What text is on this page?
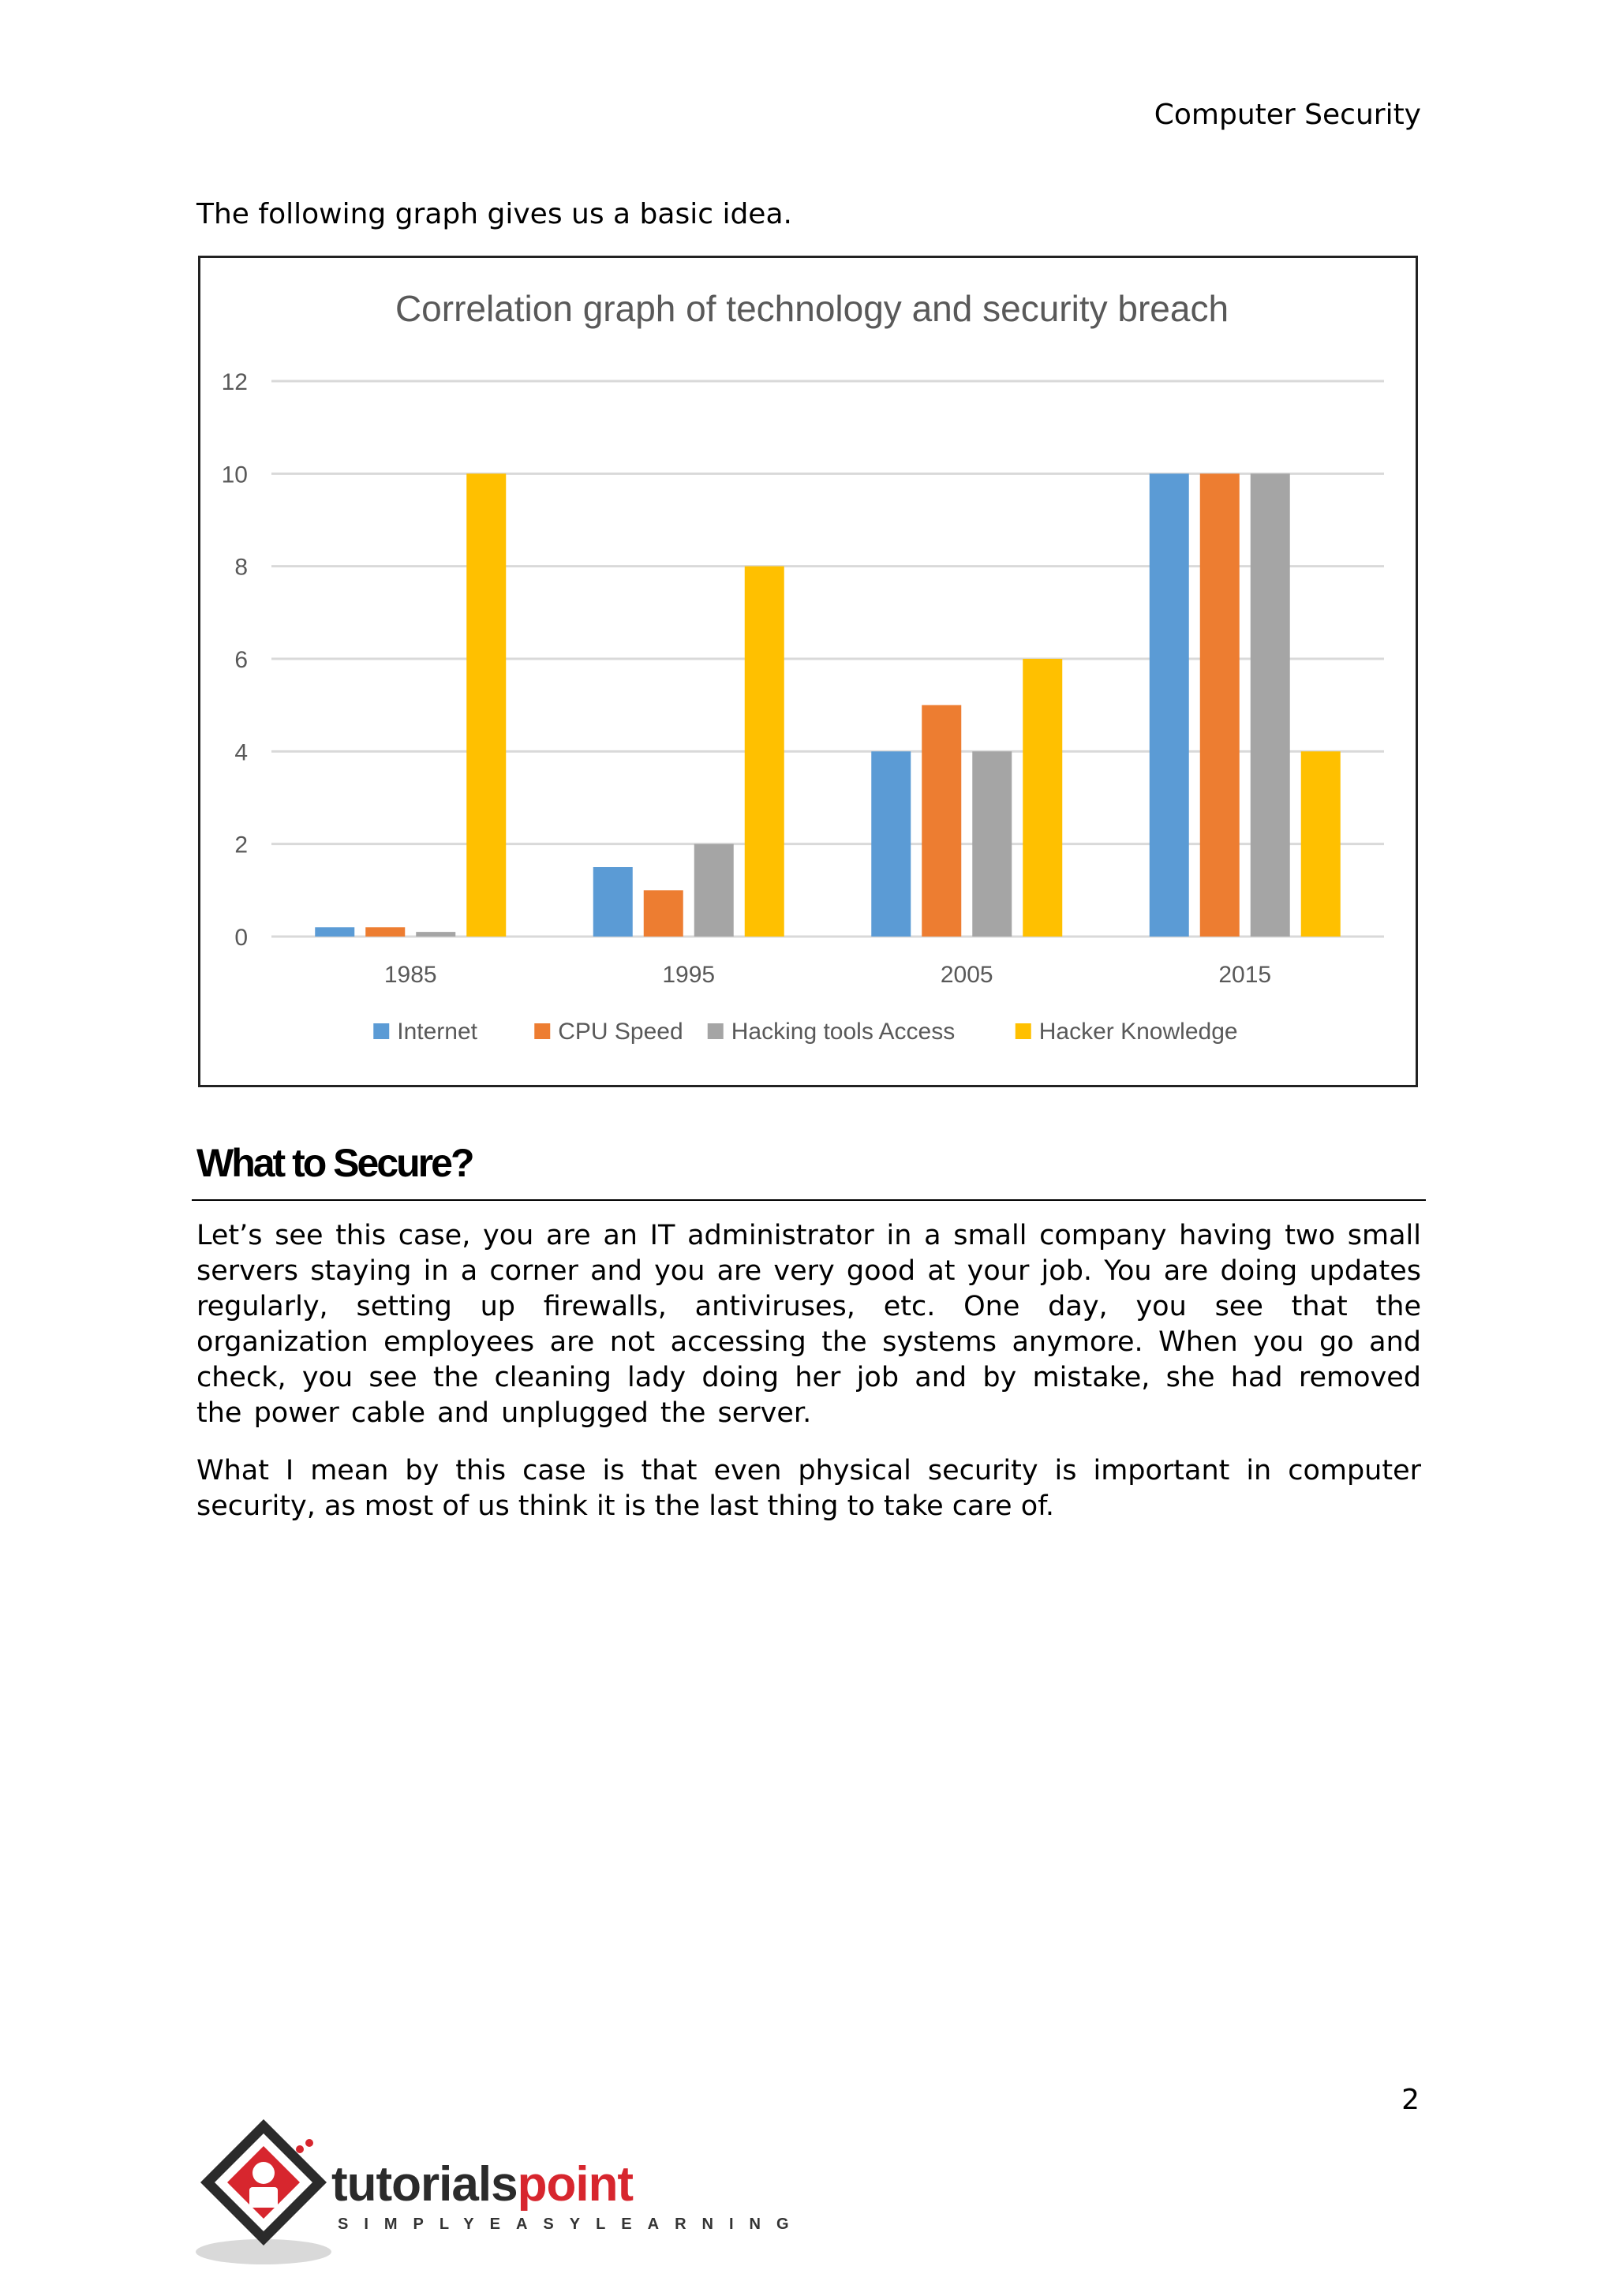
Computer Security
The following graph gives us a basic idea.
0
2
4
6
8
10
12
1985	1995	2005	2015
Correlation graph of technology and security breach
Internet	CPU Speed Hacking tools Access	Hacker Knowledge
What to Secure?

Let’s see this case, you are an IT administrator in a small company having two small servers staying in a corner and you are very good at your job. You are doing updates regularly, setting up firewalls, antiviruses, etc. One day, you see that the organization employees are not accessing the systems anymore. When you go and check, you see the cleaning lady doing her job and by mistake, she had removed the power cable and unplugged the server.

What I mean by this case is that even physical security is important in computer security, as most of us think it is the last thing to take care of.

2
tutorialspoint
SIMPLYEASYLEARNING
